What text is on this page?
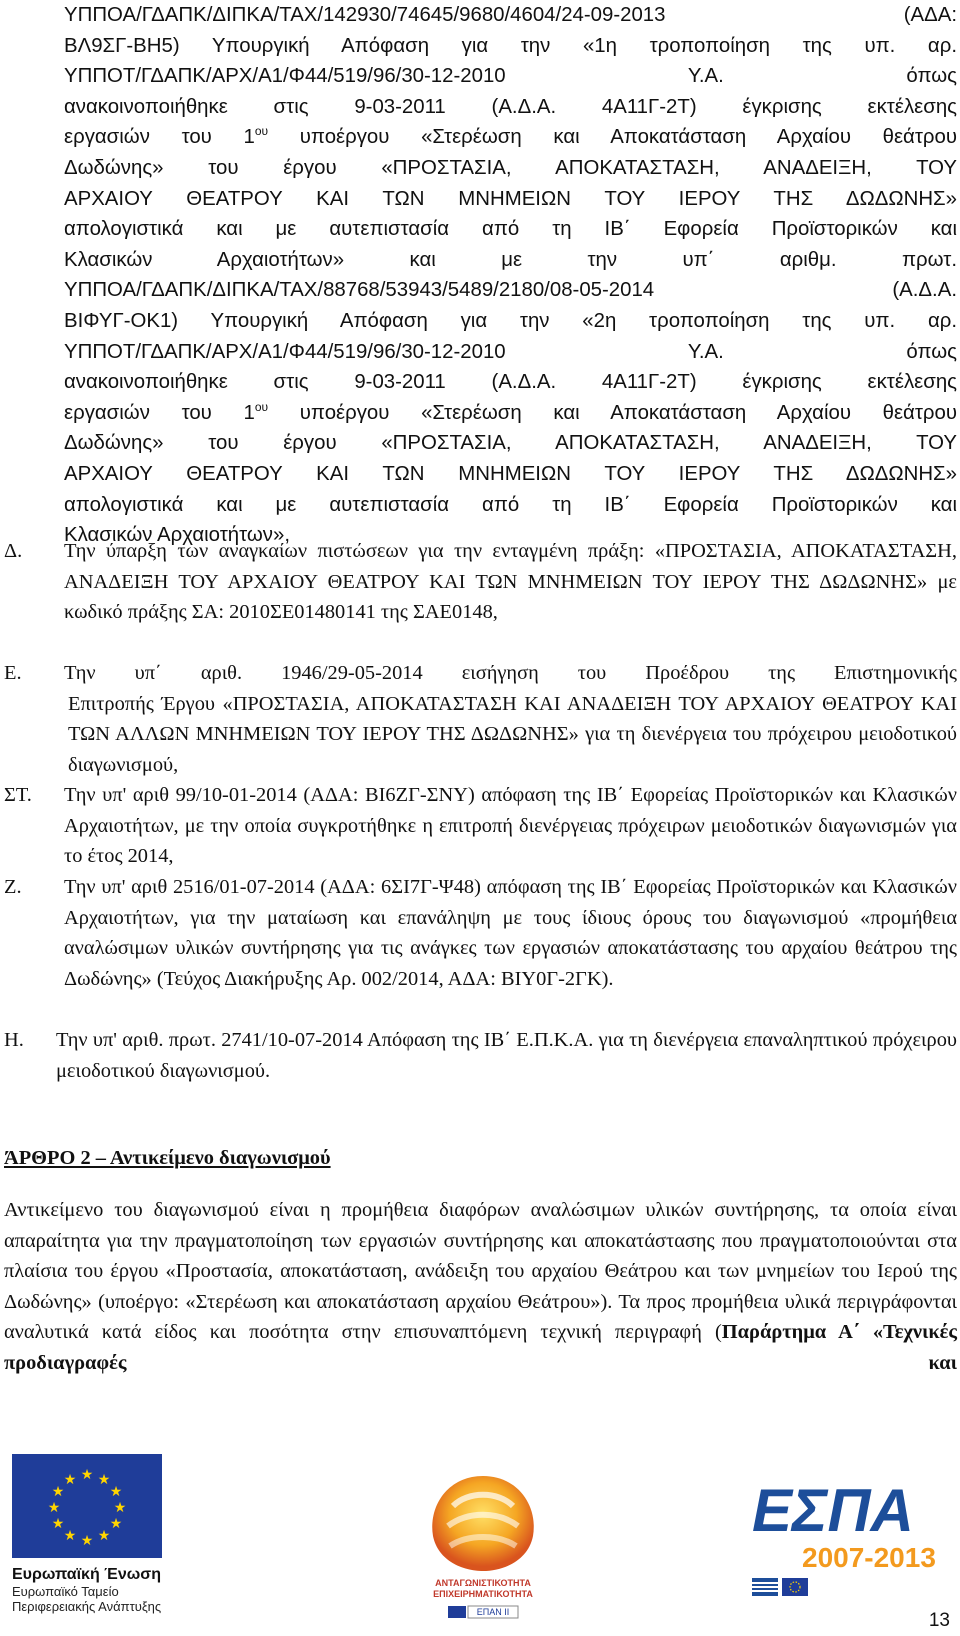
ΥΠΠΟΑ/ΓΔΑΠΚ/ΔΙΠΚΑ/ΤΑΧ/142930/74645/9680/4604/24-09-2013	(ΑΔΑ:
ΒΛ9ΣΓ-ΒΗ5) Υπουργική Απόφαση για την «1η τροποποίηση της υπ. αρ.
ΥΠΠΟΤ/ΓΔΑΠΚ/ΑΡΧ/Α1/Φ44/519/96/30-12-2010 Υ.Α. όπως
ανακοινοποιήθηκε στις 9-03-2011 (Α.Δ.Α. 4Α11Γ-2Τ) έγκρισης εκτέλεσης
εργασιών του $1^{o\upsilon}$ υποέργου «Στερέωση και Αποκατάσταση Αρχαίου θεάτρου
Δωδώνης» του έργου «ΠΡΟΣΤΑΣΙΑ, ΑΠΟΚΑΤΑΣΤΑΣΗ, ΑΝΑΔΕΙΞΗ, ΤΟΥ
ΑΡΧΑΙΟΥ ΘΕΑΤΡΟΥ ΚΑΙ ΤΩΝ ΜΝΗΜΕΙΩΝ ΤΟΥ ΙΕΡΟΥ ΤΗΣ ΔΩΔΩΝΗΣ»
απολογιστικά και με αυτεπιστασία από τη ΙΒ΄ Εφορεία Προϊστορικών και
Κλασικών Αρχαιοτήτων» και με την υπ΄ αριθμ. πρωτ.
ΥΠΠΟΑ/ΓΔΑΠΚ/ΔΙΠΚΑ/ΤΑΧ/88768/53943/5489/2180/08-05-2014 (Α.Δ.Α.
ΒΙΦΥΓ-ΟΚ1) Υπουργική Απόφαση για την «2η τροποποίηση της υπ. αρ.
ΥΠΠΟΤ/ΓΔΑΠΚ/ΑΡΧ/Α1/Φ44/519/96/30-12-2010 Υ.Α. όπως
ανακοινοποιήθηκε στις 9-03-2011 (Α.Δ.Α. 4Α11Γ-2Τ) έγκρισης εκτέλεσης
εργασιών του $1^{o\upsilon}$ υποέργου «Στερέωση και Αποκατάσταση Αρχαίου θεάτρου
Δωδώνης» του έργου «ΠΡΟΣΤΑΣΙΑ, ΑΠΟΚΑΤΑΣΤΑΣΗ, ΑΝΑΔΕΙΞΗ, ΤΟΥ
ΑΡΧΑΙΟΥ ΘΕΑΤΡΟΥ ΚΑΙ ΤΩΝ ΜΝΗΜΕΙΩΝ ΤΟΥ ΙΕΡΟΥ ΤΗΣ ΔΩΔΩΝΗΣ»
απολογιστικά και με αυτεπιστασία από τη ΙΒ΄ Εφορεία Προϊστορικών και
Κλασικών Αρχαιοτήτων»,
Δ.	Την ύπαρξη των αναγκαίων πιστώσεων για την ενταγμένη πράξη: «ΠΡΟΣΤΑΣΙΑ, ΑΠΟΚΑΤΑΣΤΑΣΗ, ΑΝΑΔΕΙΞΗ ΤΟΥ ΑΡΧΑΙΟΥ ΘΕΑΤΡΟΥ ΚΑΙ ΤΩΝ ΜΝΗΜΕΙΩΝ ΤΟΥ ΙΕΡΟΥ ΤΗΣ ΔΩΔΩΝΗΣ» με κωδικό πράξης ΣΑ: 2010ΣΕ01480141 της ΣΑΕ0148,
Ε.	Την υπ΄ αριθ. 1946/29-05-2014 εισήγηση του Προέδρου της Επιστημονικής
Επιτροπής Έργου «ΠΡΟΣΤΑΣΙΑ, ΑΠΟΚΑΤΑΣΤΑΣΗ ΚΑΙ ΑΝΑΔΕΙΞΗ ΤΟΥ ΑΡΧΑΙΟΥ ΘΕΑΤΡΟΥ ΚΑΙ ΤΩΝ ΑΛΛΩΝ ΜΝΗΜΕΙΩΝ ΤΟΥ ΙΕΡΟΥ ΤΗΣ ΔΩΔΩΝΗΣ» για τη διενέργεια του πρόχειρου μειοδοτικού διαγωνισμού,
ΣΤ.	Την υπ' αριθ 99/10-01-2014 (ΑΔΑ: ΒΙ6ΖΓ-ΣΝΥ) απόφαση της ΙΒ΄ Εφορείας Προϊστορικών και Κλασικών Αρχαιοτήτων, με την οποία συγκροτήθηκε η επιτροπή διενέργειας πρόχειρων μειοδοτικών διαγωνισμών για το έτος 2014,
Ζ.	Την υπ' αριθ 2516/01-07-2014 (ΑΔΑ: 6ΣΙ7Γ-Ψ48) απόφαση της ΙΒ΄ Εφορείας Προϊστορικών και Κλασικών Αρχαιοτήτων, για την ματαίωση και επανάληψη με τους ίδιους όρους του διαγωνισμού «προμήθεια αναλώσιμων υλικών συντήρησης για τις ανάγκες των εργασιών αποκατάστασης του αρχαίου θεάτρου της Δωδώνης» (Τεύχος Διακήρυξης Αρ. 002/2014, ΑΔΑ: ΒΙΥ0Γ-2ΓΚ).
Η.	Την υπ' αριθ. πρωτ. 2741/10-07-2014 Απόφαση της ΙΒ΄ Ε.Π.Κ.Α. για τη διενέργεια επαναληπτικού πρόχειρου μειοδοτικού διαγωνισμού.
ΆΡΘΡΟ 2 – Αντικείμενο διαγωνισμού
Αντικείμενο του διαγωνισμού είναι η προμήθεια διαφόρων αναλώσιμων υλικών συντήρησης, τα οποία είναι απαραίτητα για την πραγματοποίηση των εργασιών συντήρησης και αποκατάστασης που πραγματοποιούνται στα πλαίσια του έργου «Προστασία, αποκατάσταση, ανάδειξη του αρχαίου Θεάτρου και των μνημείων του Ιερού της Δωδώνης» (υποέργο: «Στερέωση και αποκατάσταση αρχαίου Θεάτρου»). Τα προς προμήθεια υλικά περιγράφονται αναλυτικά κατά είδος και ποσότητα στην επισυναπτόμενη τεχνική περιγραφή (Παράρτημα Α΄ «Τεχνικές προδιαγραφές και
★ ★
★
★
★
★
★
★
★
★
★
★
Ευρωπαϊκή Ένωση
Ευρωπαϊκό Ταμείο
Περιφερειακής Ανάπτυξης
ΑΝΤΑΓΩΝΙΣΤΙΚΟΤΗΤΑ
ΕΠΙΧΕΙΡΗΜΑΤΙΚΟΤΗΤΑ
ΕΠΑΝ ΙΙ
ΕΣΠΑ
2007-2013
13
